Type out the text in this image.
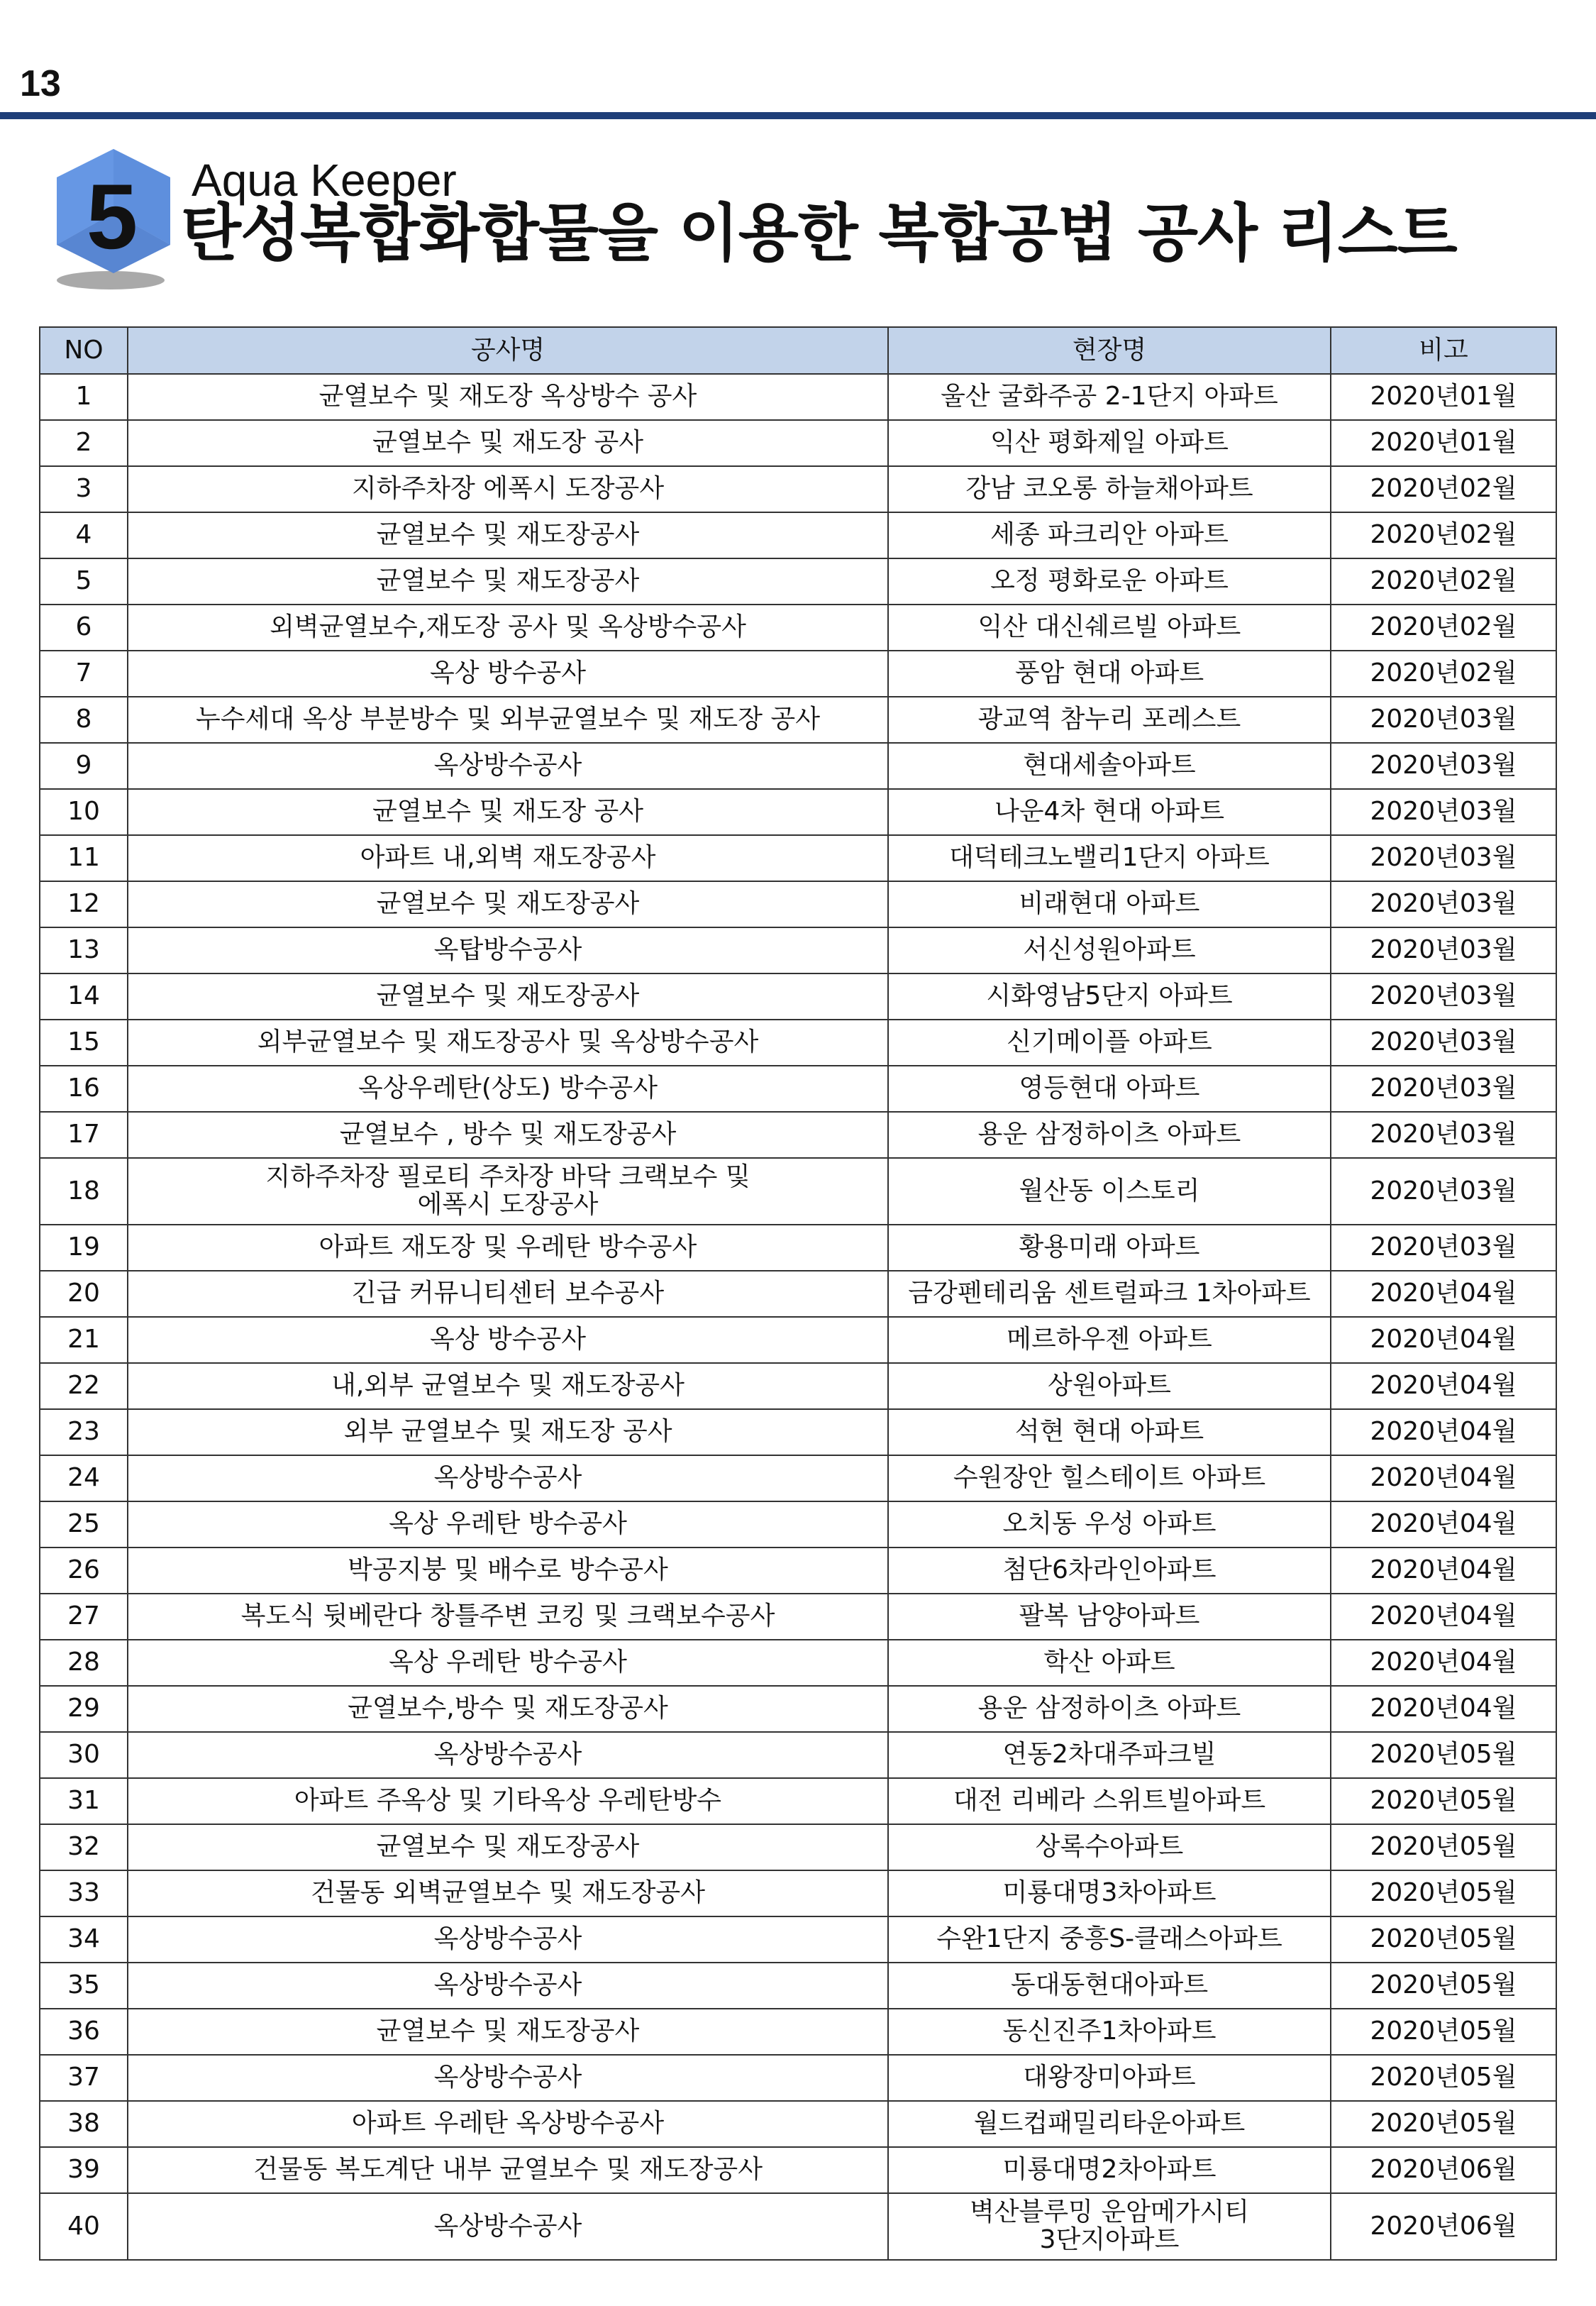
13
5 Aqua Keeper
탄성복합화합물을 이용한 복합공법 공사 리스트
NO	공사명	현장명	비고
1	균열보수 및 재도장 옥상방수 공사	울산 굴화주공 2-1단지 아파트	2020년01월
2	균열보수 및 재도장 공사	익산 평화제일 아파트	2020년01월
3	지하주차장 에폭시 도장공사	강남 코오롱 하늘채아파트	2020년02월
4	균열보수 및 재도장공사	세종 파크리안 아파트	2020년02월
5	균열보수 및 재도장공사	오정 평화로운 아파트	2020년02월
6	외벽균열보수,재도장 공사 및 옥상방수공사	익산 대신쉐르빌 아파트	2020년02월
7	옥상 방수공사	풍암 현대 아파트	2020년02월
8	누수세대 옥상 부분방수 및 외부균열보수 및 재도장 공사	광교역 참누리 포레스트	2020년03월
9	옥상방수공사	현대세솔아파트	2020년03월
10	균열보수 및 재도장 공사	나운4차 현대 아파트	2020년03월
11	아파트 내,외벽 재도장공사	대덕테크노밸리1단지 아파트	2020년03월
12	균열보수 및 재도장공사	비래현대 아파트	2020년03월
13	옥탑방수공사	서신성원아파트	2020년03월
14	균열보수 및 재도장공사	시화영남5단지 아파트	2020년03월
15	외부균열보수 및 재도장공사 및 옥상방수공사	신기메이플 아파트	2020년03월
16	옥상우레탄(상도) 방수공사	영등현대 아파트	2020년03월
17	균열보수 , 방수 및 재도장공사	용운 삼정하이츠 아파트	2020년03월
18	지하주차장 필로티 주차장 바닥 크랙보수 및
에폭시 도장공사	월산동 이스토리	2020년03월
19	아파트 재도장 및 우레탄 방수공사	황용미래 아파트	2020년03월
20	긴급 커뮤니티센터 보수공사	금강펜테리움 센트럴파크 1차아파트	2020년04월
21	옥상 방수공사	메르하우젠 아파트	2020년04월
22	내,외부 균열보수 및 재도장공사	상원아파트	2020년04월
23	외부 균열보수 및 재도장 공사	석현 현대 아파트	2020년04월
24	옥상방수공사	수원장안 힐스테이트 아파트	2020년04월
25	옥상 우레탄 방수공사	오치동 우성 아파트	2020년04월
26	박공지붕 및 배수로 방수공사	첨단6차라인아파트	2020년04월
27	복도식 뒷베란다 창틀주변 코킹 및 크랙보수공사	팔복 남양아파트	2020년04월
28	옥상 우레탄 방수공사	학산 아파트	2020년04월
29	균열보수,방수 및 재도장공사	용운 삼정하이츠 아파트	2020년04월
30	옥상방수공사	연동2차대주파크빌	2020년05월
31	아파트 주옥상 및 기타옥상 우레탄방수	대전 리베라 스위트빌아파트	2020년05월
32	균열보수 및 재도장공사	상록수아파트	2020년05월
33	건물동 외벽균열보수 및 재도장공사	미룡대명3차아파트	2020년05월
34	옥상방수공사	수완1단지 중흥S-클래스아파트	2020년05월
35	옥상방수공사	동대동현대아파트	2020년05월
36	균열보수 및 재도장공사	동신진주1차아파트	2020년05월
37	옥상방수공사	대왕장미아파트	2020년05월
38	아파트 우레탄 옥상방수공사	월드컵패밀리타운아파트	2020년05월
39	건물동 복도계단 내부 균열보수 및 재도장공사	미룡대명2차아파트	2020년06월
40	옥상방수공사	벽산블루밍 운암메가시티
3단지아파트	2020년06월
